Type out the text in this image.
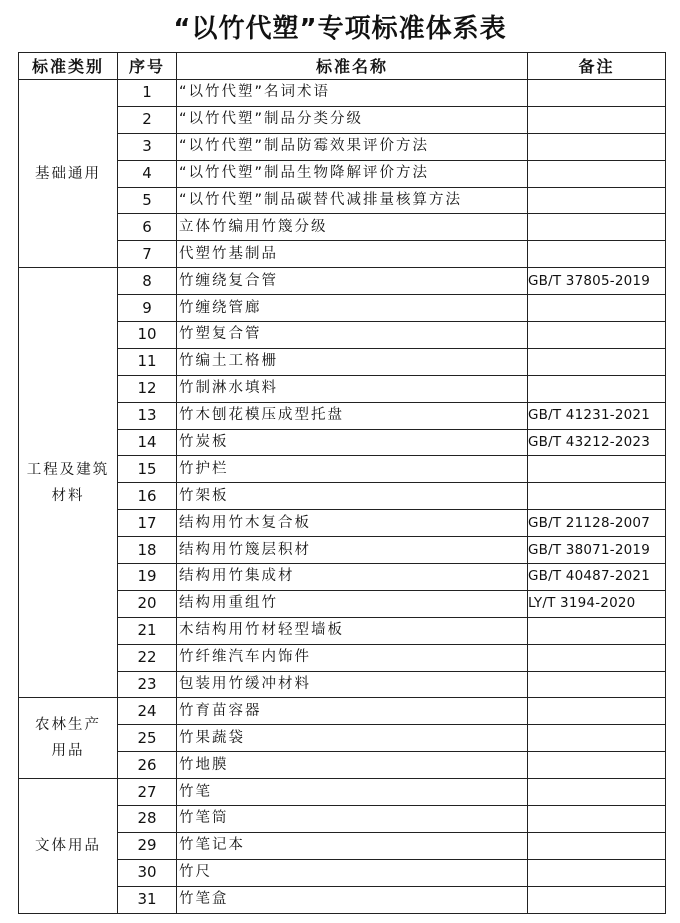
“以竹代塑”专项标准体系表
标准类别	序号	标准名称	备注

基础通用	1	“以竹代塑”名词术语	
	2	“以竹代塑”制品分类分级	
	3	“以竹代塑”制品防霉效果评价方法	
	4	“以竹代塑”制品生物降解评价方法	
	5	“以竹代塑”制品碳替代减排量核算方法	
	6	立体竹编用竹篾分级	
	7	代塑竹基制品	

工程及建筑材料	8	竹缠绕复合管	GB/T 37805-2019
	9	竹缠绕管廊	
	10	竹塑复合管	
	11	竹编土工格栅	
	12	竹制淋水填料	
	13	竹木刨花模压成型托盘	GB/T 41231-2021
	14	竹炭板	GB/T 43212-2023
	15	竹护栏	
	16	竹架板	
	17	结构用竹木复合板	GB/T 21128-2007
	18	结构用竹篾层积材	GB/T 38071-2019
	19	结构用竹集成材	GB/T 40487-2021
	20	结构用重组竹	LY/T 3194-2020
	21	木结构用竹材轻型墙板	
	22	竹纤维汽车内饰件	
	23	包装用竹缓冲材料	

农林生产用品	24	竹育苗容器	
	25	竹果蔬袋	
	26	竹地膜	

文体用品	27	竹笔	
	28	竹笔筒	
	29	竹笔记本	
	30	竹尺	
	31	竹笔盒	
